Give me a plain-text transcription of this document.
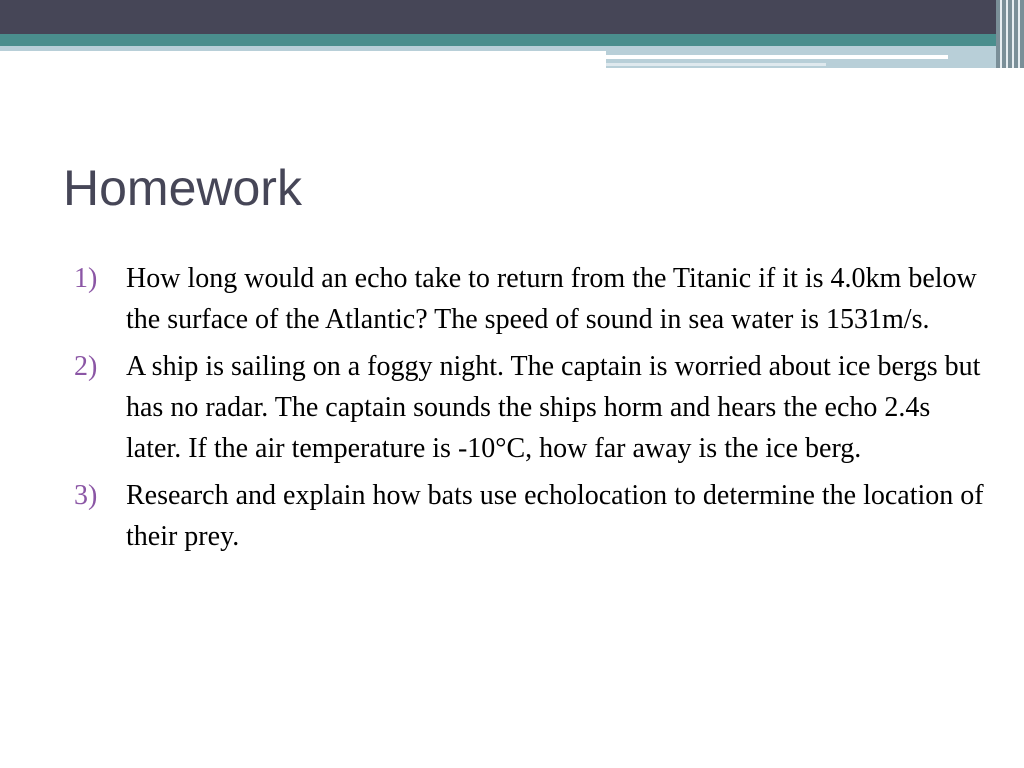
Homework
1) How long would an echo take to return from the Titanic if it is 4.0km below the surface of the Atlantic? The speed of sound in sea water is 1531m/s.
2) A ship is sailing on a foggy night. The captain is worried about ice bergs but has no radar. The captain sounds the ships horm and hears the echo 2.4s later. If the air temperature is -10°C, how far away is the ice berg.
3) Research and explain how bats use echolocation to determine the location of their prey.
